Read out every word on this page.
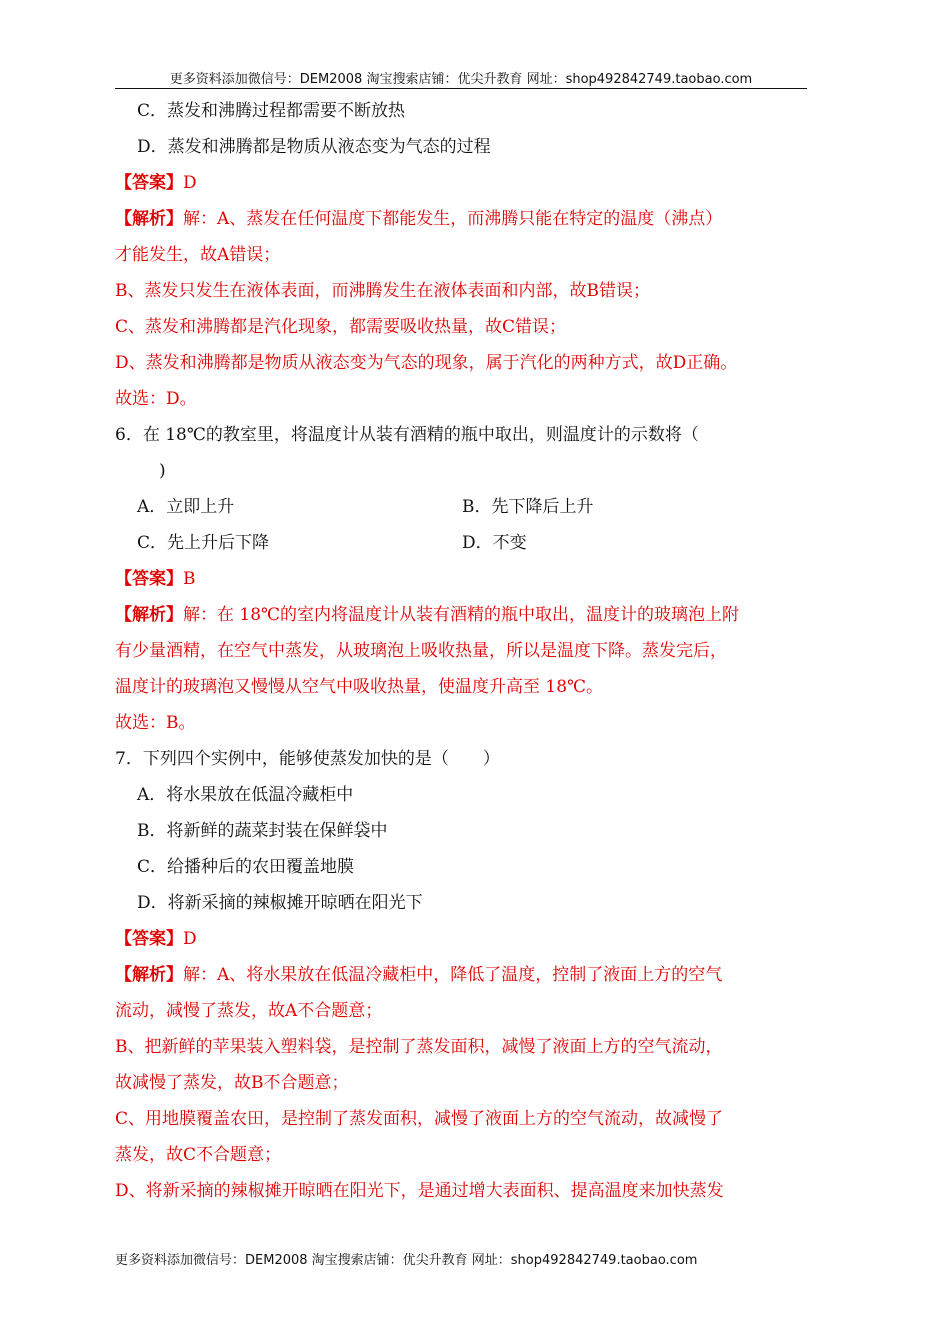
更多资料添加微信号：DEM2008 淘宝搜索店铺：优尖升教育 网址：shop492842749.taobao.com
C．蒸发和沸腾过程都需要不断放热
D．蒸发和沸腾都是物质从液态变为气态的过程
【答案】D
【解析】解：A、蒸发在任何温度下都能发生，而沸腾只能在特定的温度（沸点）
才能发生，故A错误；
B、蒸发只发生在液体表面，而沸腾发生在液体表面和内部，故B错误；
C、蒸发和沸腾都是汽化现象，都需要吸收热量，故C错误；
D、蒸发和沸腾都是物质从液态变为气态的现象，属于汽化的两种方式，故D正确。
故选：D。
6．在 18℃的教室里，将温度计从装有酒精的瓶中取出，则温度计的示数将（
)
A．立即上升	B．先下降后上升
C．先上升后下降	D．不变
【答案】B
【解析】解：在 18℃的室内将温度计从装有酒精的瓶中取出，温度计的玻璃泡上附
有少量酒精，在空气中蒸发，从玻璃泡上吸收热量，所以是温度下降。蒸发完后，
温度计的玻璃泡又慢慢从空气中吸收热量，使温度升高至 18℃。
故选：B。
7．下列四个实例中，能够使蒸发加快的是（　　）
A．将水果放在低温冷藏柜中
B．将新鲜的蔬菜封装在保鲜袋中
C．给播种后的农田覆盖地膜
D．将新采摘的辣椒摊开晾晒在阳光下
【答案】D
【解析】解：A、将水果放在低温冷藏柜中，降低了温度，控制了液面上方的空气
流动，减慢了蒸发，故A不合题意；
B、把新鲜的苹果装入塑料袋，是控制了蒸发面积，减慢了液面上方的空气流动，
故减慢了蒸发，故B不合题意；
C、用地膜覆盖农田，是控制了蒸发面积，减慢了液面上方的空气流动，故减慢了
蒸发，故C不合题意；
D、将新采摘的辣椒摊开晾晒在阳光下，是通过增大表面积、提高温度来加快蒸发
更多资料添加微信号：DEM2008 淘宝搜索店铺：优尖升教育 网址：shop492842749.taobao.com
